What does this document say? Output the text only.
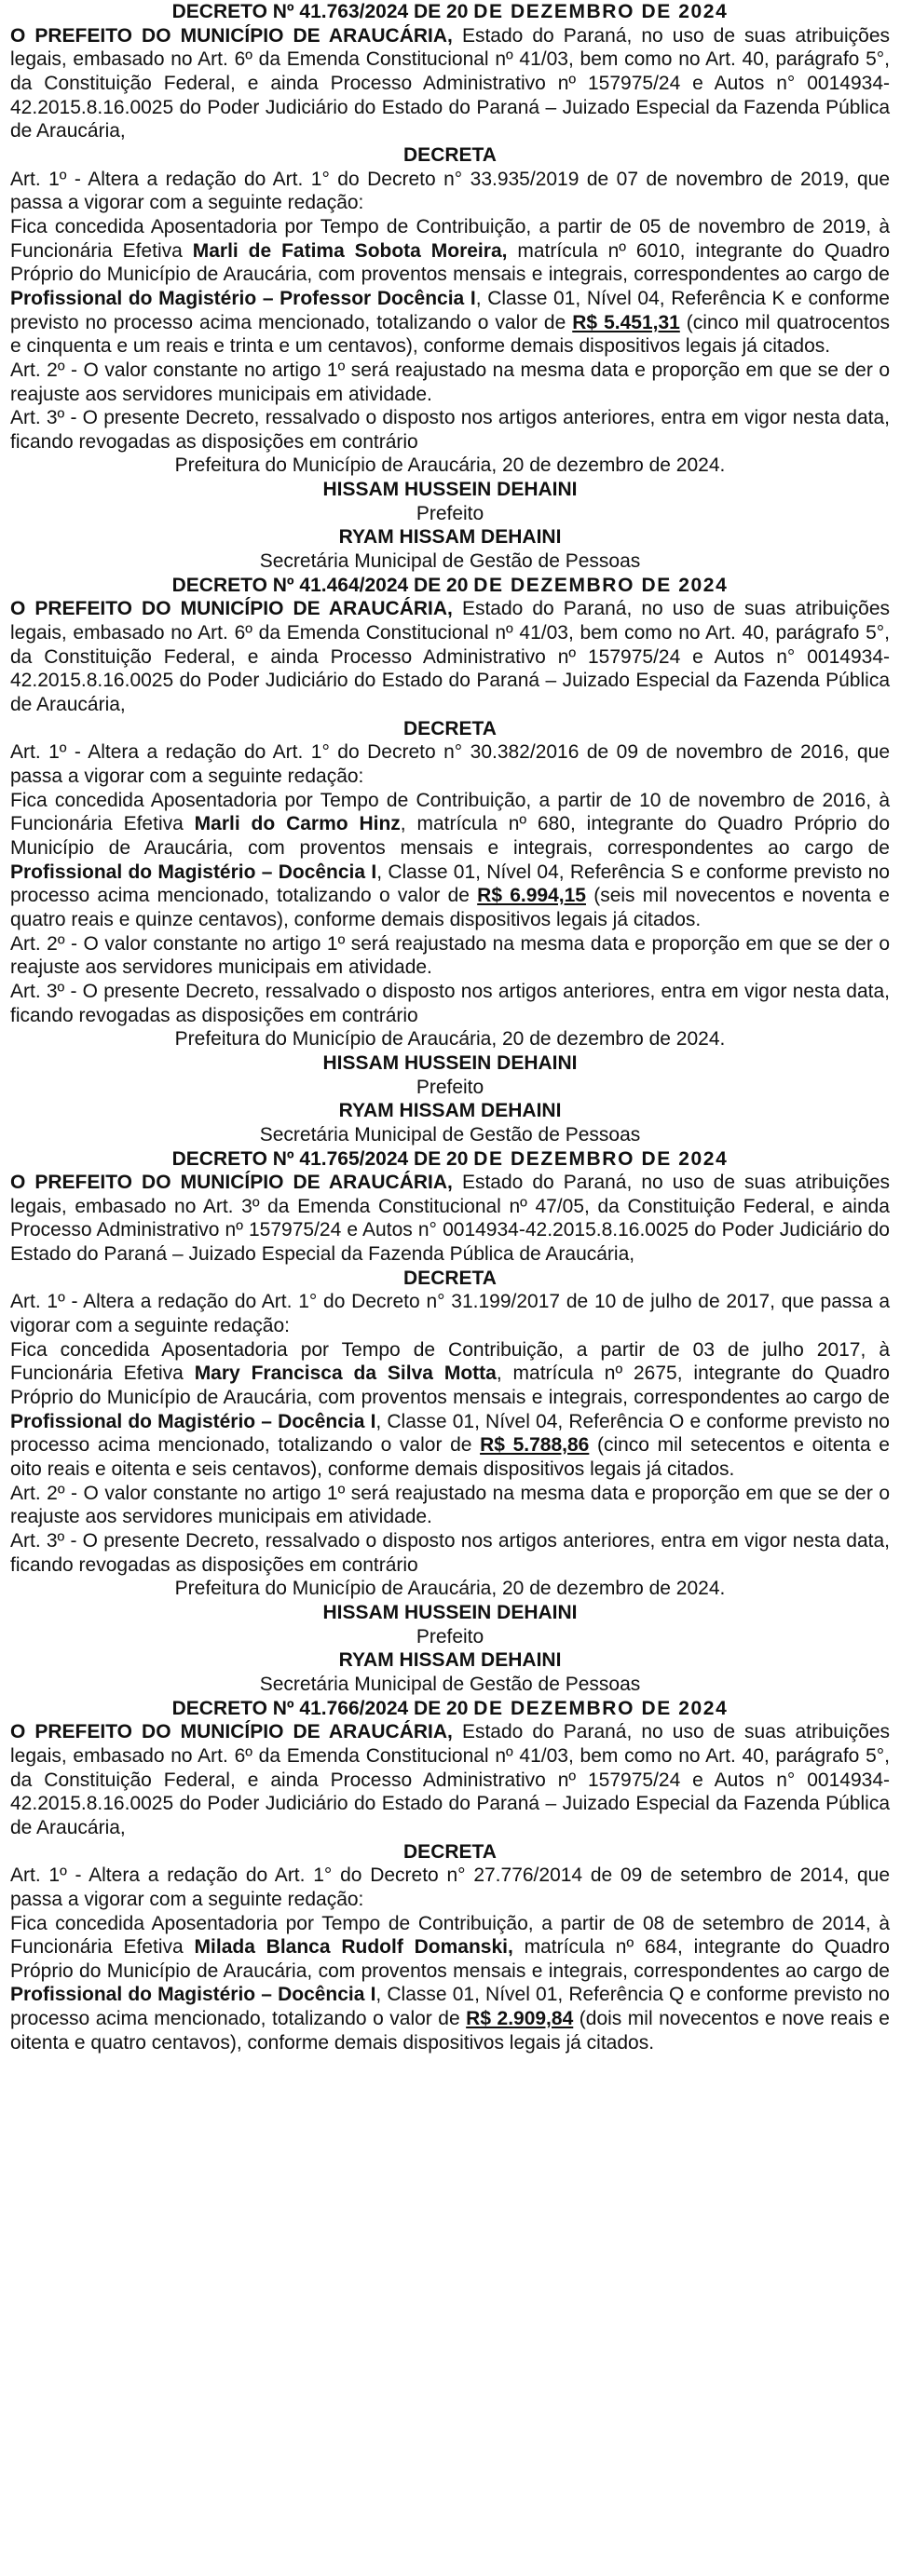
DECRETO Nº 41.763/2024 DE 20 DE DEZEMBRO DE 2024

O PREFEITO DO MUNICÍPIO DE ARAUCÁRIA, Estado do Paraná, no uso de suas atribuições legais, embasado no Art. 6º da Emenda Constitucional nº 41/03, bem como no Art. 40, parágrafo 5°, da Constituição Federal, e ainda Processo Administrativo nº 157975/24 e Autos n° 0014934-42.2015.8.16.0025 do Poder Judiciário do Estado do Paraná – Juizado Especial da Fazenda Pública de Araucária,

DECRETA

Art. 1º - Altera a redação do Art. 1° do Decreto n° 33.935/2019 de 07 de novembro de 2019, que passa a vigorar com a seguinte redação:

Fica concedida Aposentadoria por Tempo de Contribuição, a partir de 05 de novembro de 2019, à Funcionária Efetiva Marli de Fatima Sobota Moreira, matrícula nº 6010, integrante do Quadro Próprio do Município de Araucária, com proventos mensais e integrais, correspondentes ao cargo de Profissional do Magistério – Professor Docência I, Classe 01, Nível 04, Referência K e conforme previsto no processo acima mencionado, totalizando o valor de R$ 5.451,31 (cinco mil quatrocentos e cinquenta e um reais e trinta e um centavos), conforme demais dispositivos legais já citados.

Art. 2º - O valor constante no artigo 1º será reajustado na mesma data e proporção em que se der o reajuste aos servidores municipais em atividade.

Art. 3º - O presente Decreto, ressalvado o disposto nos artigos anteriores, entra em vigor nesta data, ficando revogadas as disposições em contrário

Prefeitura do Município de Araucária, 20 de dezembro de 2024.

HISSAM HUSSEIN DEHAINI

Prefeito

RYAM HISSAM DEHAINI

Secretária Municipal de Gestão de Pessoas

DECRETO Nº 41.464/2024 DE 20 DE DEZEMBRO DE 2024

O PREFEITO DO MUNICÍPIO DE ARAUCÁRIA, Estado do Paraná, no uso de suas atribuições legais, embasado no Art. 6º da Emenda Constitucional nº 41/03, bem como no Art. 40, parágrafo 5°, da Constituição Federal, e ainda Processo Administrativo nº 157975/24 e Autos n° 0014934-42.2015.8.16.0025 do Poder Judiciário do Estado do Paraná – Juizado Especial da Fazenda Pública de Araucária,

DECRETA

Art. 1º - Altera a redação do Art. 1° do Decreto n° 30.382/2016 de 09 de novembro de 2016, que passa a vigorar com a seguinte redação:

Fica concedida Aposentadoria por Tempo de Contribuição, a partir de 10 de novembro de 2016, à Funcionária Efetiva Marli do Carmo Hinz, matrícula nº 680, integrante do Quadro Próprio do Município de Araucária, com proventos mensais e integrais, correspondentes ao cargo de Profissional do Magistério – Docência I, Classe 01, Nível 04, Referência S e conforme previsto no processo acima mencionado, totalizando o valor de R$ 6.994,15 (seis mil novecentos e noventa e quatro reais e quinze centavos), conforme demais dispositivos legais já citados.

Art. 2º - O valor constante no artigo 1º será reajustado na mesma data e proporção em que se der o reajuste aos servidores municipais em atividade.

Art. 3º - O presente Decreto, ressalvado o disposto nos artigos anteriores, entra em vigor nesta data, ficando revogadas as disposições em contrário

Prefeitura do Município de Araucária, 20 de dezembro de 2024.

HISSAM HUSSEIN DEHAINI

Prefeito

RYAM HISSAM DEHAINI

Secretária Municipal de Gestão de Pessoas

DECRETO Nº 41.765/2024 DE 20 DE DEZEMBRO DE 2024

O PREFEITO DO MUNICÍPIO DE ARAUCÁRIA, Estado do Paraná, no uso de suas atribuições legais, embasado no Art. 3º da Emenda Constitucional nº 47/05, da Constituição Federal, e ainda Processo Administrativo nº 157975/24 e Autos n° 0014934-42.2015.8.16.0025 do Poder Judiciário do Estado do Paraná – Juizado Especial da Fazenda Pública de Araucária,

DECRETA

Art. 1º - Altera a redação do Art. 1° do Decreto n° 31.199/2017 de 10 de julho de 2017, que passa a vigorar com a seguinte redação:

Fica concedida Aposentadoria por Tempo de Contribuição, a partir de 03 de julho 2017, à Funcionária Efetiva Mary Francisca da Silva Motta, matrícula nº 2675, integrante do Quadro Próprio do Município de Araucária, com proventos mensais e integrais, correspondentes ao cargo de Profissional do Magistério – Docência I, Classe 01, Nível 04, Referência O e conforme previsto no processo acima mencionado, totalizando o valor de R$ 5.788,86 (cinco mil setecentos e oitenta e oito reais e oitenta e seis centavos), conforme demais dispositivos legais já citados.

Art. 2º - O valor constante no artigo 1º será reajustado na mesma data e proporção em que se der o reajuste aos servidores municipais em atividade.

Art. 3º - O presente Decreto, ressalvado o disposto nos artigos anteriores, entra em vigor nesta data, ficando revogadas as disposições em contrário

Prefeitura do Município de Araucária, 20 de dezembro de 2024.

HISSAM HUSSEIN DEHAINI

Prefeito

RYAM HISSAM DEHAINI

Secretária Municipal de Gestão de Pessoas

DECRETO Nº 41.766/2024 DE 20 DE DEZEMBRO DE 2024

O PREFEITO DO MUNICÍPIO DE ARAUCÁRIA, Estado do Paraná, no uso de suas atribuições legais, embasado no Art. 6º da Emenda Constitucional nº 41/03, bem como no Art. 40, parágrafo 5°, da Constituição Federal, e ainda Processo Administrativo nº 157975/24 e Autos n° 0014934-42.2015.8.16.0025 do Poder Judiciário do Estado do Paraná – Juizado Especial da Fazenda Pública de Araucária,

DECRETA

Art. 1º - Altera a redação do Art. 1° do Decreto n° 27.776/2014 de 09 de setembro de 2014, que passa a vigorar com a seguinte redação:

Fica concedida Aposentadoria por Tempo de Contribuição, a partir de 08 de setembro de 2014, à Funcionária Efetiva Milada Blanca Rudolf Domanski, matrícula nº 684, integrante do Quadro Próprio do Município de Araucária, com proventos mensais e integrais, correspondentes ao cargo de Profissional do Magistério – Docência I, Classe 01, Nível 01, Referência Q e conforme previsto no processo acima mencionado, totalizando o valor de R$ 2.909,84 (dois mil novecentos e nove reais e oitenta e quatro centavos), conforme demais dispositivos legais já citados.
